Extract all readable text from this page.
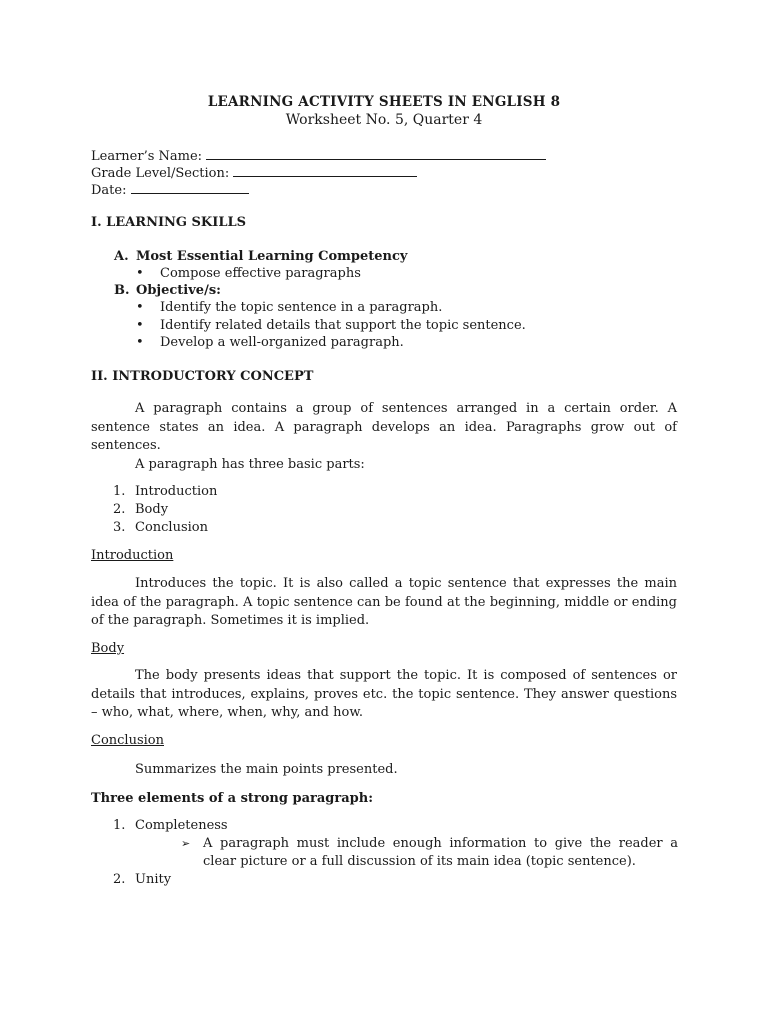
LEARNING ACTIVITY SHEETS IN ENGLISH 8
Worksheet No. 5, Quarter 4
Learner’s Name:
Grade Level/Section:
Date:
I. LEARNING SKILLS
A. Most Essential Learning Competency
• Compose effective paragraphs
B. Objective/s:
• Identify the topic sentence in a paragraph.
• Identify related details that support the topic sentence.
• Develop a well-organized paragraph.
II. INTRODUCTORY CONCEPT

A paragraph contains a group of sentences arranged in a certain order. A sentence states an idea. A paragraph develops an idea. Paragraphs grow out of sentences.

A paragraph has three basic parts:
1. Introduction
2. Body
3. Conclusion
Introduction

Introduces the topic. It is also called a topic sentence that expresses the main idea of the paragraph. A topic sentence can be found at the beginning, middle or ending of the paragraph. Sometimes it is implied.

Body

The body presents ideas that support the topic. It is composed of sentences or details that introduces, explains, proves etc. the topic sentence. They answer questions – who, what, where, when, why, and how.

Conclusion
Summarizes the main points presented.
Three elements of a strong paragraph:
1. Completeness
➢ A paragraph must include enough information to give the reader a clear picture or a full discussion of its main idea (topic sentence).
2. Unity
